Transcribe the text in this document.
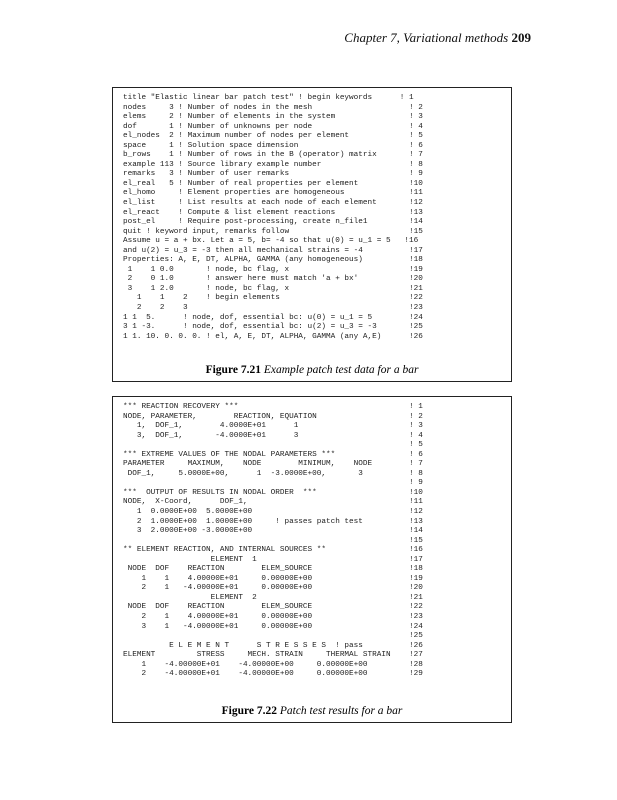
Chapter 7, Variational methods 209
title "Elastic linear bar patch test" ! begin keywords      ! 1
nodes     3 ! Number of nodes in the mesh                     ! 2
elems     2 ! Number of elements in the system                ! 3
dof       1 ! Number of unknowns per node                     ! 4
el_nodes  2 ! Maximum number of nodes per element             ! 5
space     1 ! Solution space dimension                        ! 6
b_rows    1 ! Number of rows in the B (operator) matrix       ! 7
example 113 ! Source library example number                   ! 8
remarks   3 ! Number of user remarks                          ! 9
el_real   5 ! Number of real properties per element           !10
el_homo     ! Element properties are homogeneous              !11
el_list     ! List results at each node of each element       !12
el_react    ! Compute & list element reactions                !13
post_el     ! Require post-processing, create n_file1         !14
quit ! keyword input, remarks follow                          !15
Assume u = a + bx. Let a = 5, b= -4 so that u(0) = u_1 = 5   !16
and u(2) = u_3 = -3 then all mechanical strains = -4          !17
Properties: A, E, DT, ALPHA, GAMMA (any homogeneous)          !18
1    1 0.0       ! node, bc flag, x                          !19
2    0 1.0       ! answer here must match 'a + bx'           !20
3    1 2.0       ! node, bc flag, x                          !21
1    1    2    ! begin elements                            !22
2    2    3                                                !23
1 1  5.      ! node, dof, essential bc: u(0) = u_1 = 5        !24
3 1 -3.      ! node, dof, essential bc: u(2) = u_3 = -3       !25
1 1. 10. 0. 0. 0. ! el, A, E, DT, ALPHA, GAMMA (any A,E)      !26
Figure 7.21 Example patch test data for a bar
*** REACTION RECOVERY ***                                     ! 1
NODE, PARAMETER,        REACTION, EQUATION                    ! 2
1,  DOF_1,        4.0000E+01      1                        ! 3
3,  DOF_1,       -4.0000E+01      3                        ! 4
! 5
*** EXTREME VALUES OF THE NODAL PARAMETERS ***                ! 6
PARAMETER     MAXIMUM,    NODE        MINIMUM,    NODE        ! 7
DOF_1,     5.0000E+00,      1  -3.0000E+00,       3          ! 8
! 9
***  OUTPUT OF RESULTS IN NODAL ORDER  ***                    !10
NODE,  X-Coord,      DOF_1,                                   !11
1  0.0000E+00  5.0000E+00                                  !12
2  1.0000E+00  1.0000E+00     ! passes patch test          !13
3  2.0000E+00 -3.0000E+00                                  !14
!15
** ELEMENT REACTION, AND INTERNAL SOURCES **                  !16
ELEMENT  1                                 !17
NODE  DOF    REACTION        ELEM_SOURCE                     !18
1    1    4.00000E+01     0.00000E+00                     !19
2    1   -4.00000E+01     0.00000E+00                     !20
ELEMENT  2                                 !21
NODE  DOF    REACTION        ELEM_SOURCE                     !22
2    1    4.00000E+01     0.00000E+00                     !23
3    1   -4.00000E+01     0.00000E+00                     !24
!25
E L E M E N T      S T R E S S E S  ! pass          !26
ELEMENT         STRESS     MECH. STRAIN     THERMAL STRAIN    !27
1    -4.00000E+01    -4.00000E+00     0.00000E+00         !28
2    -4.00000E+01    -4.00000E+00     0.00000E+00         !29
Figure 7.22 Patch test results for a bar
